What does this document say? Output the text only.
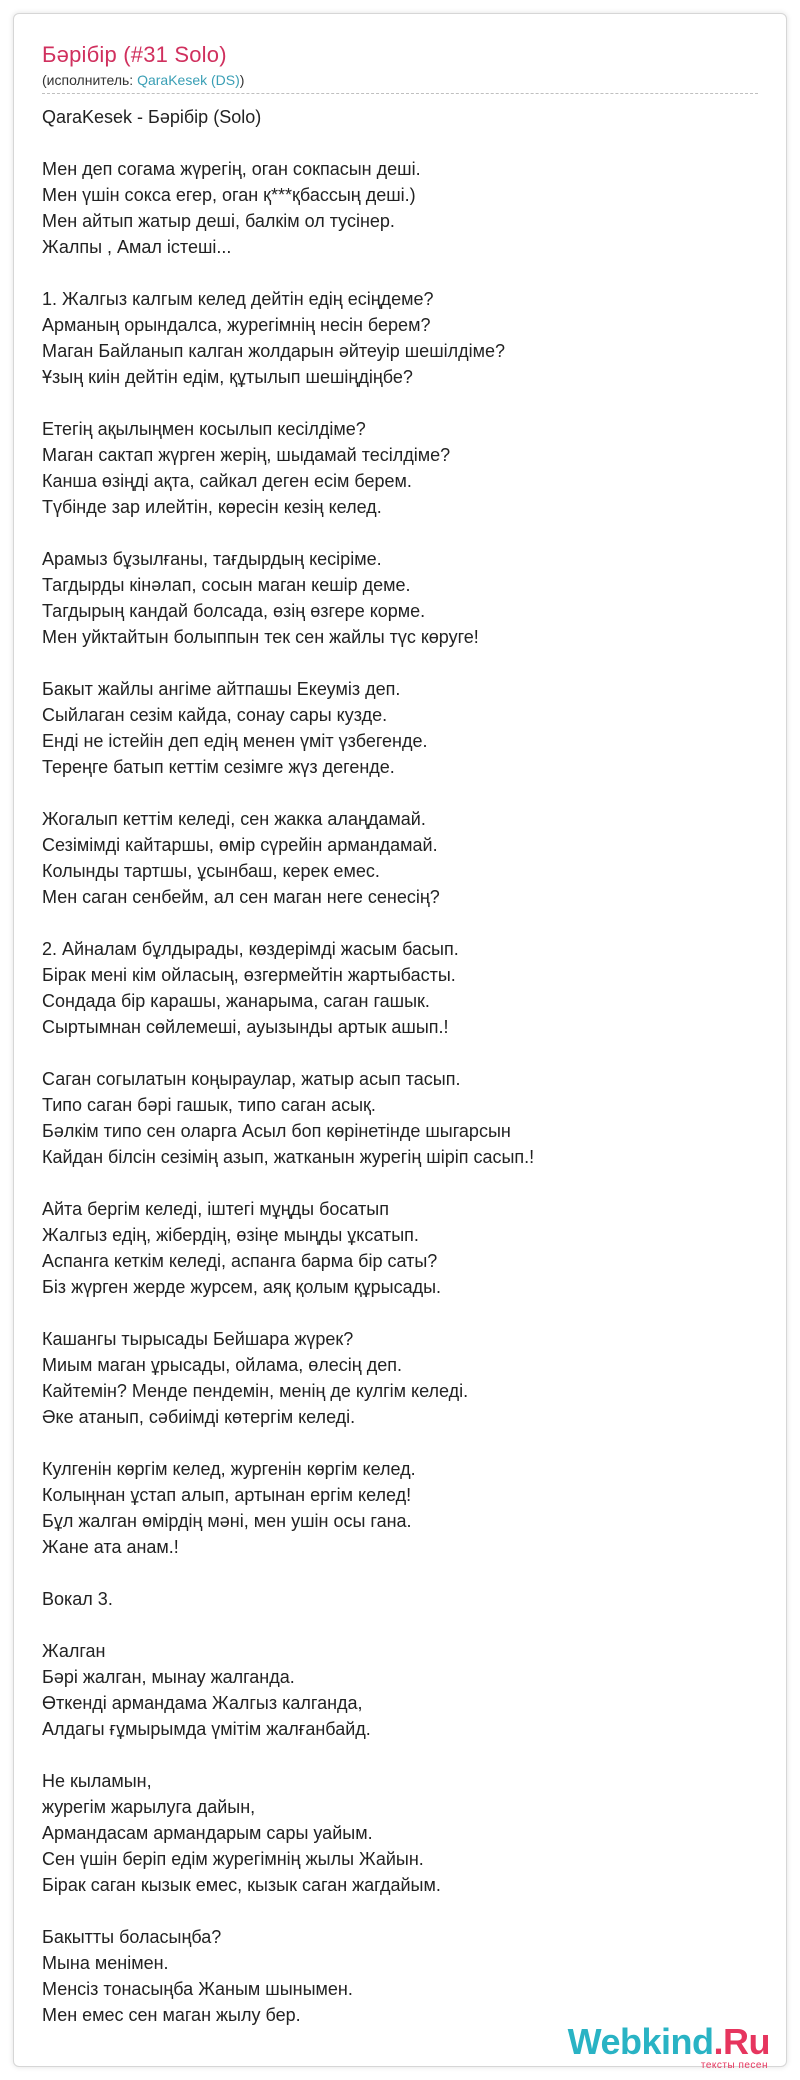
Бәрібір (#31 Solo)
(исполнитель: QaraKesek (DS))
QaraKesek - Бәрібір (Solo)
Мен деп согама жүрегің, оган сокпасын деші.
Мен үшін сокса егер, оган қ***қбассың деші.)
Мен айтып жатыр деші, балкім ол тусінер.
Жалпы , Амал істеші...
1. Жалгыз калгым келед дейтін едің есіңдеме?
Арманың орындалса, журегімнің несін берем?
Маган Байланып калган жолдарын әйтеуір шешілдіме?
Ұзың киін дейтін едім, құтылып шешіңдіңбе?
Етегің ақылыңмен косылып кесілдіме?
Маган сактап жүрген жерің, шыдамай тесілдіме?
Канша өзіңді ақта, сайкал деген есім берем.
Түбінде зар илейтін, көресін кезің келед.
Арамыз бұзылғаны, тағдырдың кесіріме.
Тагдырды кінәлап, сосын маган кешір деме.
Тагдырың кандай болсада, өзің өзгере корме.
Мен уйктайтын болыппын тек сен жайлы түс көруге!
Бакыт жайлы ангіме айтпашы Екеуміз деп.
Сыйлаган сезім кайда, сонау сары кузде.
Енді не істейін деп едің менен үміт үзбегенде.
Тереңге батып кеттім сезімге жүз дегенде.
Жогалып кеттім келеді, сен жакка алаңдамай.
Сезімімді кайтаршы, өмір сүрейін армандамай.
Колынды тартшы, ұсынбаш, керек емес.
Мен саган сенбейм, ал сен маган неге сенесің?
2. Айналам бұлдырады, көздерімді жасым басып.
Бірак мені кім ойласың, өзгермейтін жартыбасты.
Сондада бір карашы, жанарыма, саган гашык.
Сыртымнан сөйлемеші, ауызынды артык ашып.!
Саган согылатын коңыраулар, жатыр асып тасып.
Типо саган бәрі гашык, типо саган асық.
Бәлкім типо сен оларга Асыл боп көрінетінде шыгарсын
Кайдан білсін сезімің азып, жатканын журегің шіріп сасып.!
Айта бергім келеді, іштегі мұңды босатып
Жалгыз едің, жібердің, өзіңе мыңды ұксатып.
Аспанга кеткім келеді, аспанга барма бір саты?
Біз жүрген жерде журсем, аяқ қолым құрысады.
Кашангы тырысады Бейшара жүрек?
Миым маган ұрысады, ойлама, өлесің деп.
Кайтемін? Менде пендемін, менің де кулгім келеді.
Әке атанып, сәбиімді көтергім келеді.
Кулгенін көргім келед, жургенін көргім келед.
Колыңнан ұстап алып, артынан ергім келед!
Бұл жалган өмірдің мәні, мен ушін осы гана.
Жане ата анам.!
Вокал 3.
Жалган
Бәрі жалган, мынау жалганда.
Өткенді армандама Жалгыз калганда,
Алдагы ғұмырымда үмітім жалғанбайд.
Не кыламын,
журегім жарылуга дайын,
Армандасам армандарым сары уайым.
Сен үшін беріп едім журегімнің жылы Жайын.
Бірак саган кызык емес, кызык саган жагдайым.
Бакытты боласыңба?
Мына менімен.
Менсіз тонасыңба Жаным шынымен.
Мен емес сен маган жылу бер.
Webkind.Ru
тексты песен
